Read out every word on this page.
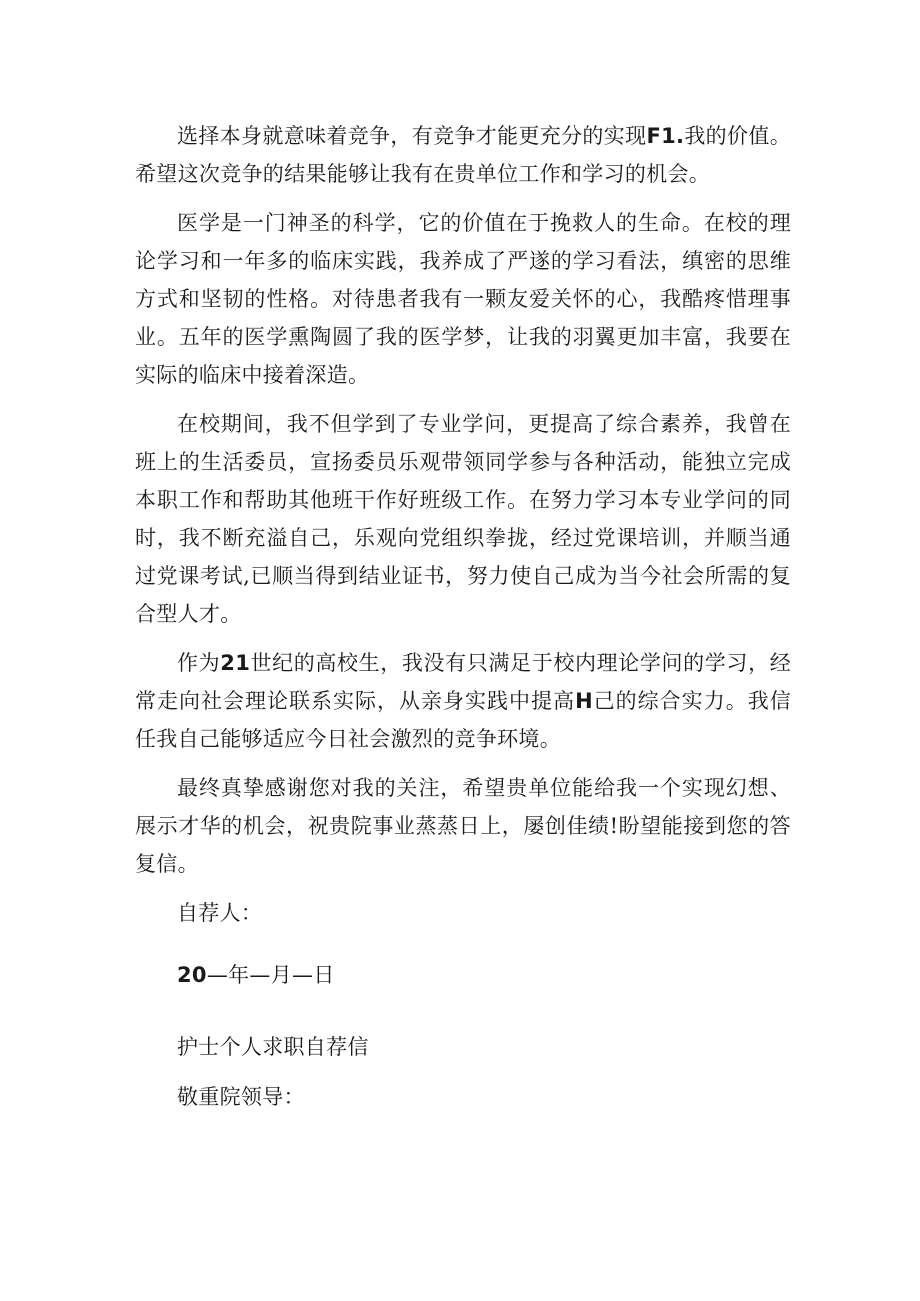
选择本身就意味着竞争，有竞争才能更充分的实现F1.我的价值。希望这次竞争的结果能够让我有在贵单位工作和学习的机会。

医学是一门神圣的科学，它的价值在于挽救人的生命。在校的理论学习和一年多的临床实践，我养成了严遂的学习看法，缜密的思维方式和坚韧的性格。对待患者我有一颗友爱关怀的心，我酷疼惜理事业。五年的医学熏陶圆了我的医学梦，让我的羽翼更加丰富，我要在实际的临床中接着深造。

在校期间，我不但学到了专业学问，更提高了综合素养，我曾在班上的生活委员，宣扬委员乐观带领同学参与各种活动，能独立完成本职工作和帮助其他班干作好班级工作。在努力学习本专业学问的同时，我不断充溢自己，乐观向党组织拳拢，经过党课培训，并顺当通过党课考试,已顺当得到结业证书，努力使自己成为当今社会所需的复合型人才。

作为21世纪的高校生，我没有只满足于校内理论学问的学习，经常走向社会理论联系实际，从亲身实践中提高H己的综合实力。我信任我自己能够适应今日社会激烈的竞争环境。

最终真挚感谢您对我的关注，希望贵单位能给我一个实现幻想、展示才华的机会，祝贵院事业蒸蒸日上，屡创佳绩!盼望能接到您的答复信。

自荐人：

20—年—月—日

护士个人求职自荐信

敬重院领导：
